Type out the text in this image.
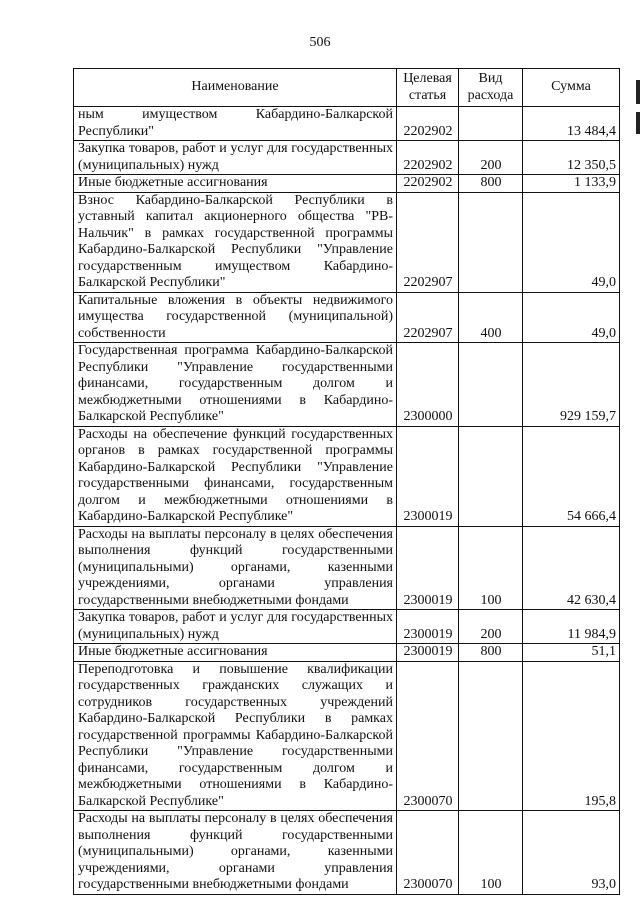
506
Наименование	Целевая статья	Вид расхода	Сумма
ным имуществом Кабардино-Балкарской Республики"	2202902		13 484,4
Закупка товаров, работ и услуг для государственных (муниципальных) нужд	2202902	200	12 350,5
Иные бюджетные ассигнования	2202902	800	1 133,9
Взнос Кабардино-Балкарской Республики в уставный капитал акционерного общества "РВ-Нальчик" в рамках государственной программы Кабардино-Балкарской Республики "Управление государственным имуществом Кабардино-Балкарской Республики"	2202907		49,0
Капитальные вложения в объекты недвижимого имущества государственной (муниципальной) собственности	2202907	400	49,0
Государственная программа Кабардино-Балкарской Республики "Управление государственными финансами, государственным долгом и межбюджетными отношениями в Кабардино-Балкарской Республике"	2300000		929 159,7
Расходы на обеспечение функций государственных органов в рамках государственной программы Кабардино-Балкарской Республики "Управление государственными финансами, государственным долгом и межбюджетными отношениями в Кабардино-Балкарской Республике"	2300019		54 666,4
Расходы на выплаты персоналу в целях обеспечения выполнения функций государственными (муниципальными) органами, казенными учреждениями, органами управления государственными внебюджетными фондами	2300019	100	42 630,4
Закупка товаров, работ и услуг для государственных (муниципальных) нужд	2300019	200	11 984,9
Иные бюджетные ассигнования	2300019	800	51,1
Переподготовка и повышение квалификации государственных гражданских служащих и сотрудников государственных учреждений Кабардино-Балкарской Республики в рамках государственной программы Кабардино-Балкарской Республики "Управление государственными финансами, государственным долгом и межбюджетными отношениями в Кабардино-Балкарской Республике"	2300070		195,8
Расходы на выплаты персоналу в целях обеспечения выполнения функций государственными (муниципальными) органами, казенными учреждениями, органами управления государственными внебюджетными фондами	2300070	100	93,0
